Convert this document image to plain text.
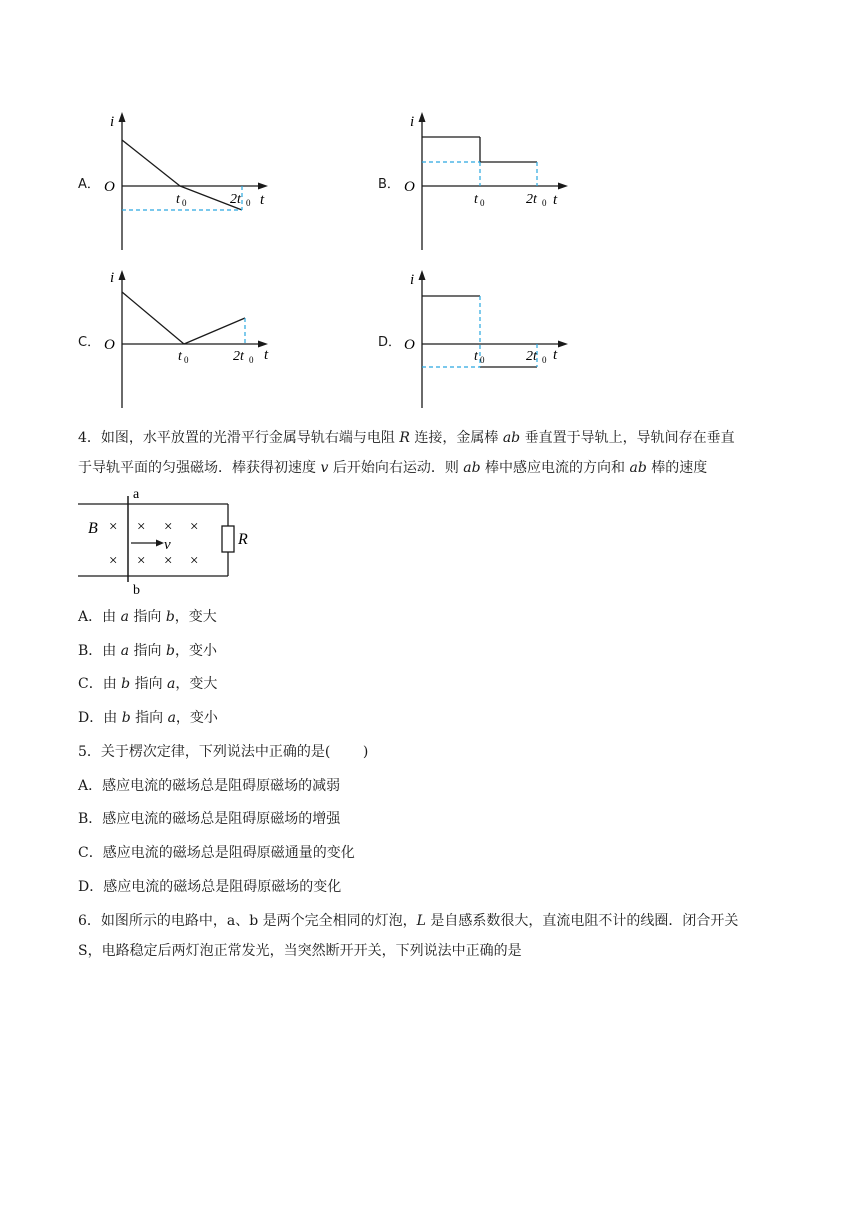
A．
i
O
t
t 0	2t 0
B．
i
O
t
t 0	2t 0
C．
i
O
t
t 0	2t 0
D．
i
O
t
t 0	2t 0
4．如图，水平放置的光滑平行金属导轨右端与电阻 R 连接，金属棒 ab 垂直置于导轨上，导轨间存在垂直
于导轨平面的匀强磁场．棒获得初速度 v 后开始向右运动．则 ab 棒中感应电流的方向和 ab 棒的速度
a
b
B
R
× × × ×
× × × ×
v
A．由 a 指向 b，变大
B．由 a 指向 b，变小
C．由 b 指向 a，变大
D．由 b 指向 a，变小
5．关于楞次定律，下列说法中正确的是(　　 )
A．感应电流的磁场总是阻碍原磁场的减弱
B．感应电流的磁场总是阻碍原磁场的增强
C．感应电流的磁场总是阻碍原磁通量的变化
D．感应电流的磁场总是阻碍原磁场的变化
6．如图所示的电路中，a、b 是两个完全相同的灯泡，L 是自感系数很大，直流电阻不计的线圈．闭合开关
S，电路稳定后两灯泡正常发光，当突然断开开关，下列说法中正确的是
